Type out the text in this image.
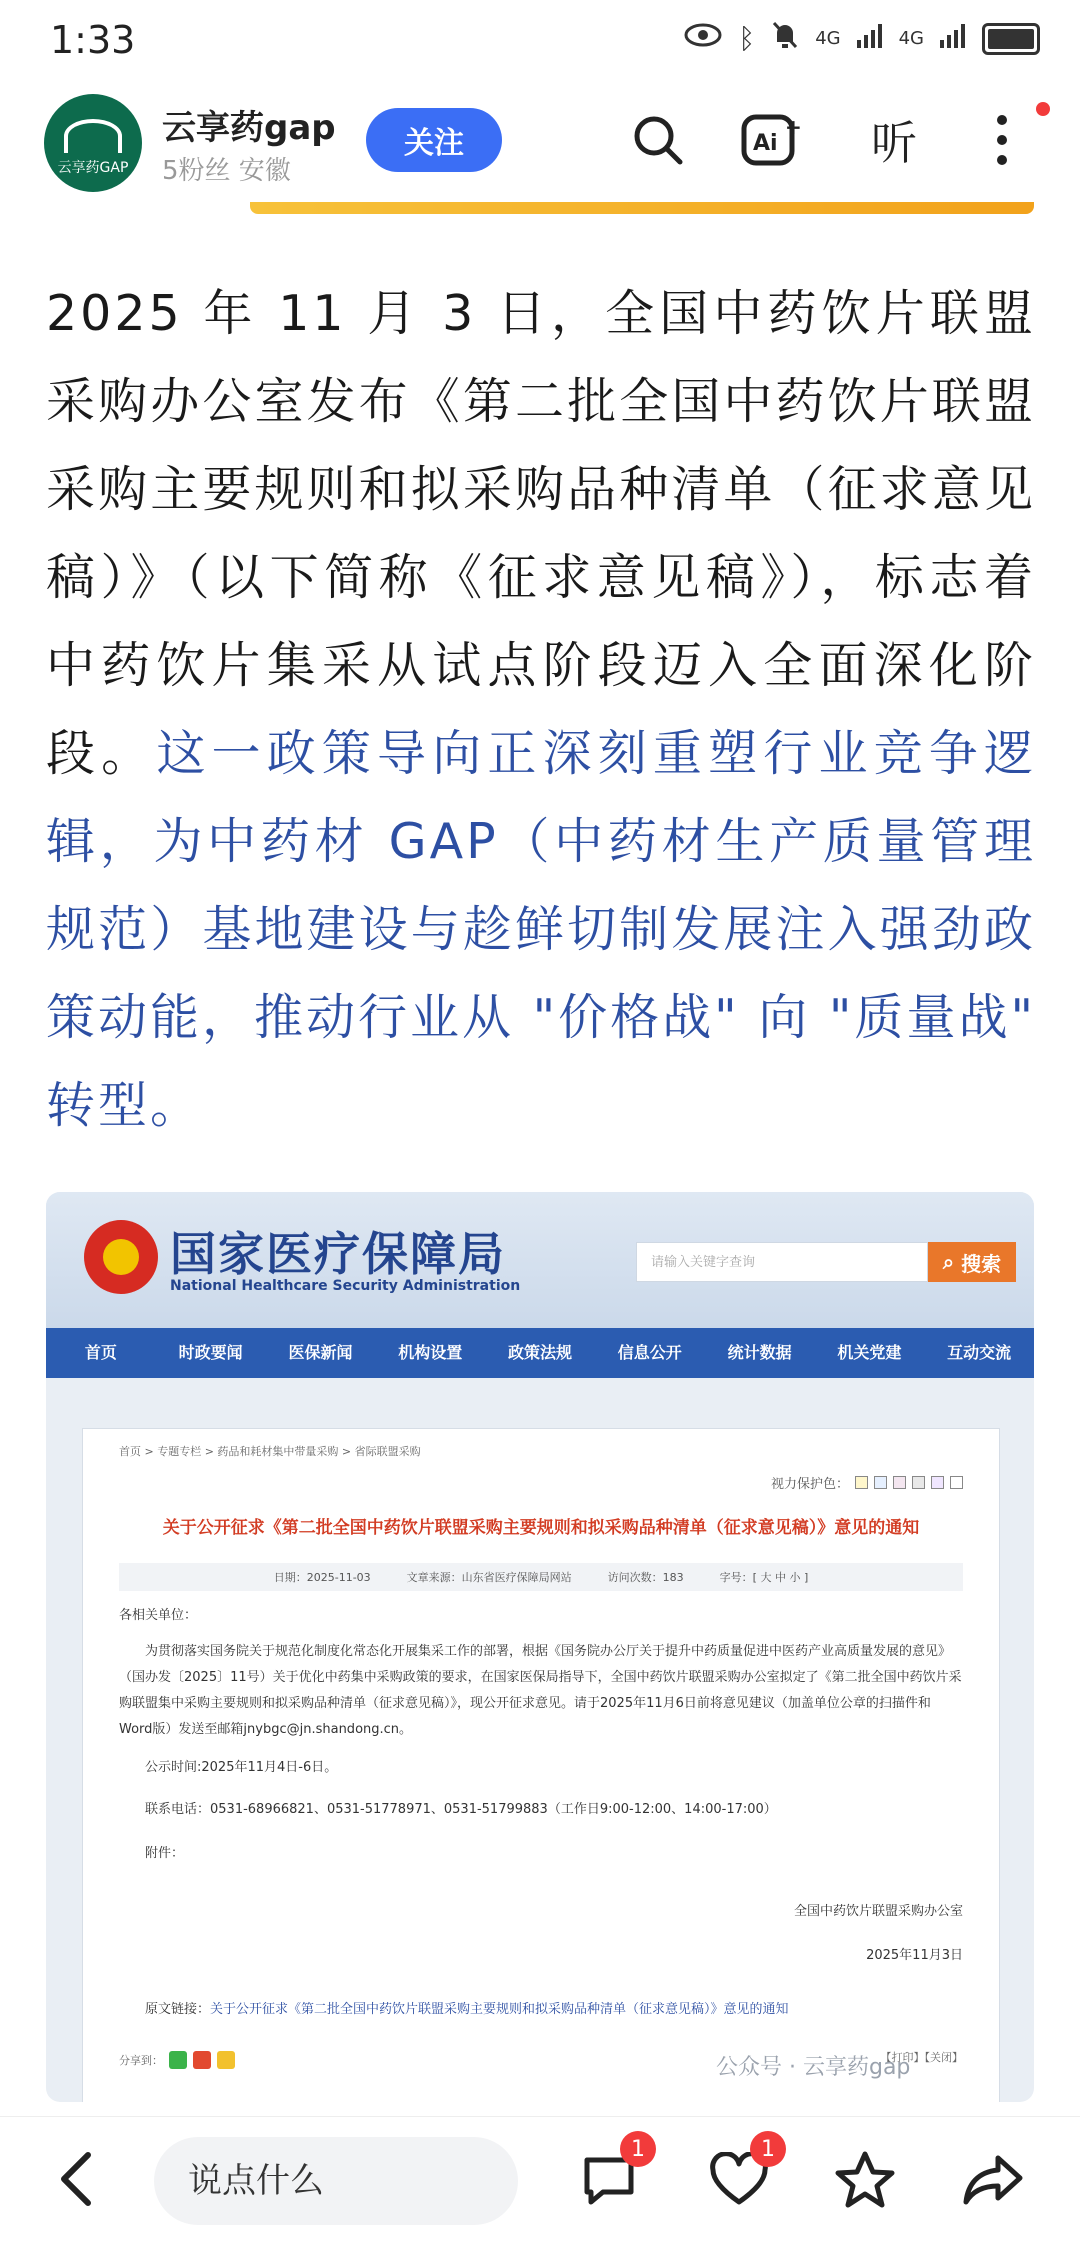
1:33	ᛒ	4G	4G
云享药GAP
云享药gap
5粉丝 安徽
关注	Ai
+ 听
2025 年 11 月 3 日，全国中药饮片联盟采购办公室发布《第二批全国中药饮片联盟采购主要规则和拟采购品种清单（征求意见稿）》（以下简称《征求意见稿》），标志着中药饮片集采从试点阶段迈入全面深化阶段。这一政策导向正深刻重塑行业竞争逻辑，为中药材 GAP（中药材生产质量管理规范）基地建设与趁鲜切制发展注入强劲政策动能，推动行业从 "价格战" 向 "质量战" 转型。
国家医疗保障局
National Healthcare Security Administration
请输入关键字查询	⌕ 搜索
首页	时政要闻	医保新闻	机构设置	政策法规	信息公开	统计数据	机关党建	互动交流
首页 > 专题专栏 > 药品和耗材集中带量采购 > 省际联盟采购
视力保护色：
关于公开征求《第二批全国中药饮片联盟采购主要规则和拟采购品种清单（征求意见稿）》意见的通知
日期：2025-11-03	文章来源：山东省医疗保障局网站	访问次数：183	字号：[ 大 中 小 ]
各相关单位：
为贯彻落实国务院关于规范化制度化常态化开展集采工作的部署，根据《国务院办公厅关于提升中药质量促进中医药产业高质量发展的意见》（国办发〔2025〕11号）关于优化中药集中采购政策的要求，在国家医保局指导下，全国中药饮片联盟采购办公室拟定了《第二批全国中药饮片采购联盟集中采购主要规则和拟采购品种清单（征求意见稿）》，现公开征求意见。请于2025年11月6日前将意见建议（加盖单位公章的扫描件和Word版）发送至邮箱jnybgc@jn.shandong.cn。
公示时间:2025年11月4日-6日。
联系电话：0531-68966821、0531-51778971、0531-51799883（工作日9:00-12:00、14:00-17:00）
附件：
全国中药饮片联盟采购办公室
2025年11月3日
原文链接：关于公开征求《第二批全国中药饮片联盟采购主要规则和拟采购品种清单（征求意见稿）》意见的通知
分享到：	【打印】【关闭】
公众号 · 云享药gap
说点什么
1	1
